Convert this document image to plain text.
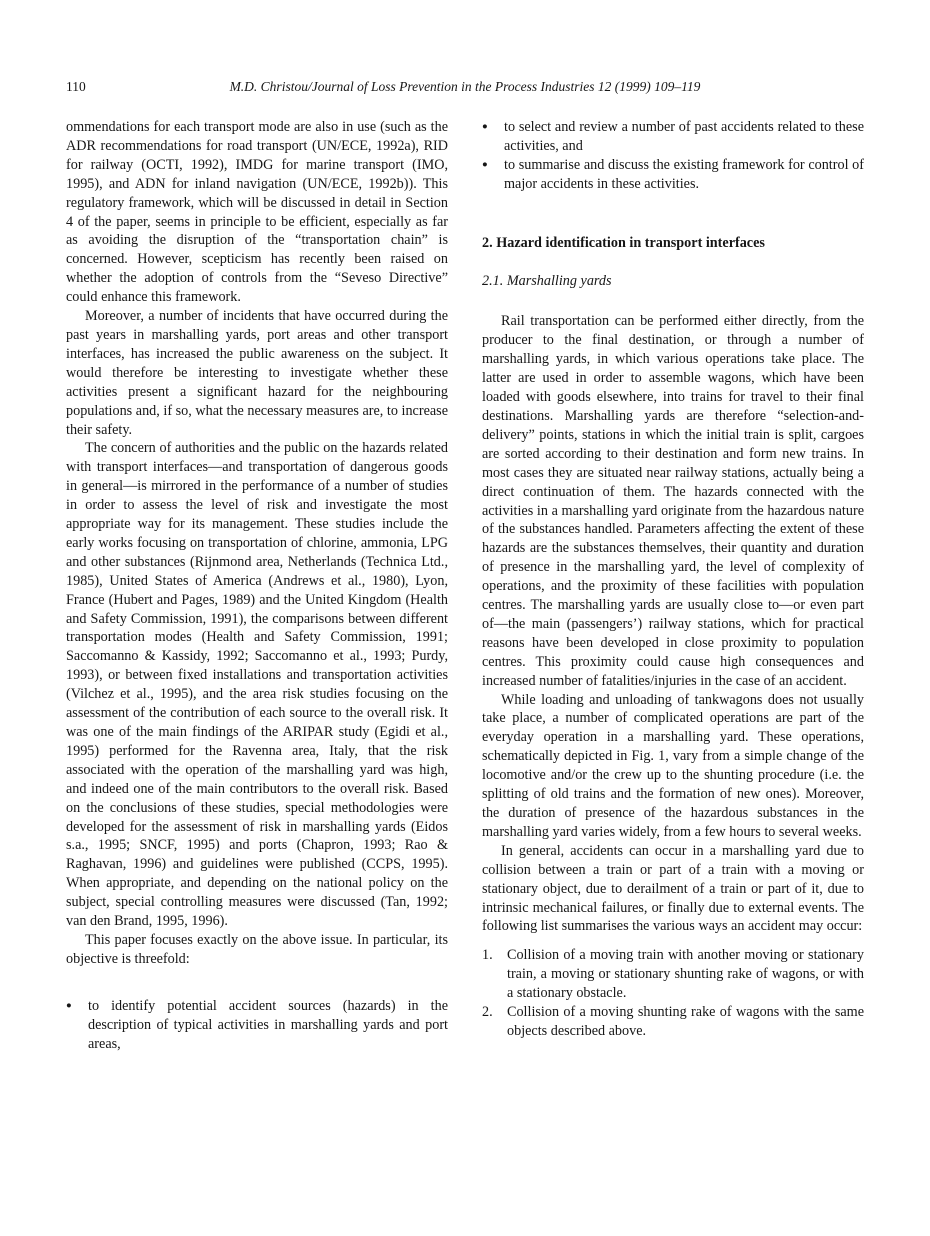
110	M.D. Christou/Journal of Loss Prevention in the Process Industries 12 (1999) 109–119

ommendations for each transport mode are also in use (such as the ADR recommendations for road transport (UN/ECE, 1992a), RID for railway (OCTI, 1992), IMDG for marine transport (IMO, 1995), and ADN for inland navigation (UN/ECE, 1992b)). This regulatory framework, which will be discussed in detail in Section 4 of the paper, seems in principle to be efficient, especially as far as avoiding the disruption of the “transportation chain” is concerned. However, scepticism has recently been raised on whether the adoption of controls from the “Seveso Directive” could enhance this framework.

Moreover, a number of incidents that have occurred during the past years in marshalling yards, port areas and other transport interfaces, has increased the public awareness on the subject. It would therefore be interesting to investigate whether these activities present a significant hazard for the neighbouring populations and, if so, what the necessary measures are, to increase their safety.

The concern of authorities and the public on the hazards related with transport interfaces—and transportation of dangerous goods in general—is mirrored in the performance of a number of studies in order to assess the level of risk and investigate the most appropriate way for its management. These studies include the early works focusing on transportation of chlorine, ammonia, LPG and other substances (Rijnmond area, Netherlands (Technica Ltd., 1985), United States of America (Andrews et al., 1980), Lyon, France (Hubert and Pages, 1989) and the United Kingdom (Health and Safety Commission, 1991), the comparisons between different transportation modes (Health and Safety Commission, 1991; Saccomanno & Kassidy, 1992; Saccomanno et al., 1993; Purdy, 1993), or between fixed installations and transportation activities (Vilchez et al., 1995), and the area risk studies focusing on the assessment of the contribution of each source to the overall risk. It was one of the main findings of the ARIPAR study (Egidi et al., 1995) performed for the Ravenna area, Italy, that the risk associated with the operation of the marshalling yard was high, and indeed one of the main contributors to the overall risk. Based on the conclusions of these studies, special methodologies were developed for the assessment of risk in marshalling yards (Eidos s.a., 1995; SNCF, 1995) and ports (Chapron, 1993; Rao & Raghavan, 1996) and guidelines were published (CCPS, 1995). When appropriate, and depending on the national policy on the subject, special controlling measures were discussed (Tan, 1992; van den Brand, 1995, 1996).

This paper focuses exactly on the above issue. In particular, its objective is threefold:

●	to identify potential accident sources (hazards) in the description of typical activities in marshalling yards and port areas,
●	to select and review a number of past accidents related to these activities, and
●	to summarise and discuss the existing framework for control of major accidents in these activities.
2. Hazard identification in transport interfaces
2.1. Marshalling yards

Rail transportation can be performed either directly, from the producer to the final destination, or through a number of marshalling yards, in which various operations take place. The latter are used in order to assemble wagons, which have been loaded with goods elsewhere, into trains for travel to their final destinations. Marshalling yards are therefore “selection-and-delivery” points, stations in which the initial train is split, cargoes are sorted according to their destination and form new trains. In most cases they are situated near railway stations, actually being a direct continuation of them. The hazards connected with the activities in a marshalling yard originate from the hazardous nature of the substances handled. Parameters affecting the extent of these hazards are the substances themselves, their quantity and duration of presence in the marshalling yard, the level of complexity of operations, and the proximity of these facilities with population centres. The marshalling yards are usually close to—or even part of—the main (passengers’) railway stations, which for practical reasons have been developed in close proximity to population centres. This proximity could cause high consequences and increased number of fatalities/injuries in the case of an accident.

While loading and unloading of tankwagons does not usually take place, a number of complicated operations are part of the everyday operation in a marshalling yard. These operations, schematically depicted in Fig. 1, vary from a simple change of the locomotive and/or the crew up to the shunting procedure (i.e. the splitting of old trains and the formation of new ones). Moreover, the duration of presence of the hazardous substances in the marshalling yard varies widely, from a few hours to several weeks.

In general, accidents can occur in a marshalling yard due to collision between a train or part of a train with a moving or stationary object, due to derailment of a train or part of it, due to intrinsic mechanical failures, or finally due to external events. The following list summarises the various ways an accident may occur:

1.	Collision of a moving train with another moving or stationary train, a moving or stationary shunting rake of wagons, or with a stationary obstacle.
2.	Collision of a moving shunting rake of wagons with the same objects described above.
